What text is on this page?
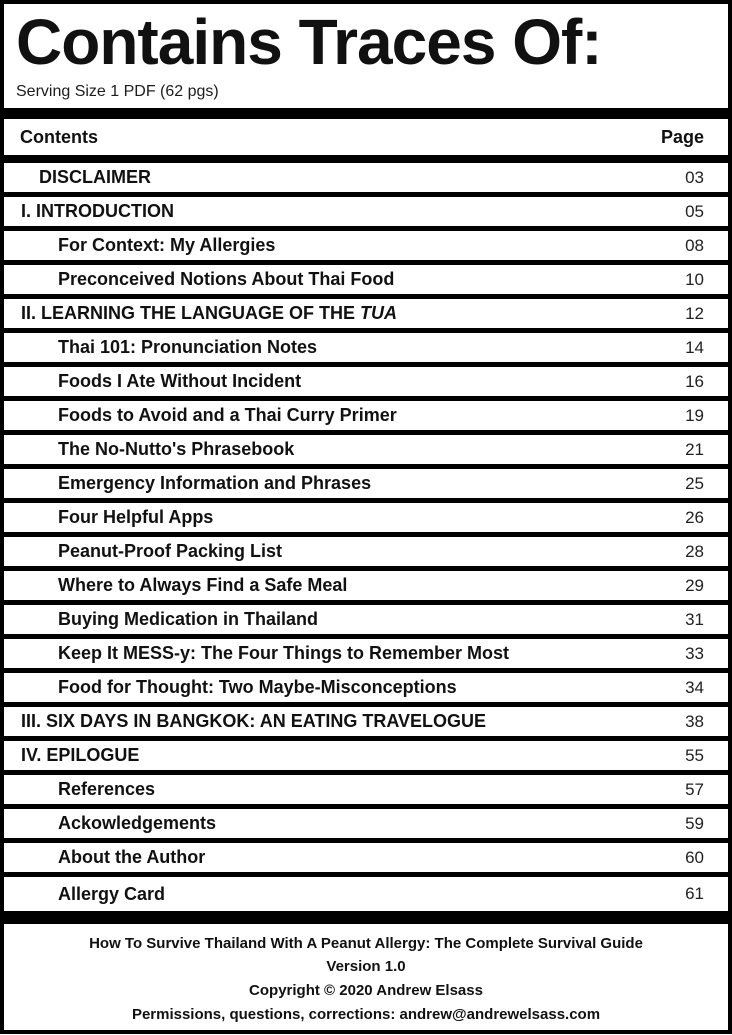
Contains Traces Of:
Serving Size 1 PDF (62 pgs)
Contents	Page
DISCLAIMER	03
I. INTRODUCTION	05
For Context: My Allergies	08
Preconceived Notions About Thai Food	10
II. LEARNING THE LANGUAGE OF THE TUA	12
Thai 101: Pronunciation Notes	14
Foods I Ate Without Incident	16
Foods to Avoid and a Thai Curry Primer	19
The No-Nutto's Phrasebook	21
Emergency Information and Phrases	25
Four Helpful Apps	26
Peanut-Proof Packing List	28
Where to Always Find a Safe Meal	29
Buying Medication in Thailand	31
Keep It MESS-y: The Four Things to Remember Most	33
Food for Thought: Two Maybe-Misconceptions	34
III. SIX DAYS IN BANGKOK: AN EATING TRAVELOGUE	38
IV. EPILOGUE	55
References	57
Ackowledgements	59
About the Author	60
Allergy Card	61
How To Survive Thailand With A Peanut Allergy: The Complete Survival Guide
Version 1.0
Copyright © 2020 Andrew Elsass
Permissions, questions, corrections: andrew@andrewelsass.com
